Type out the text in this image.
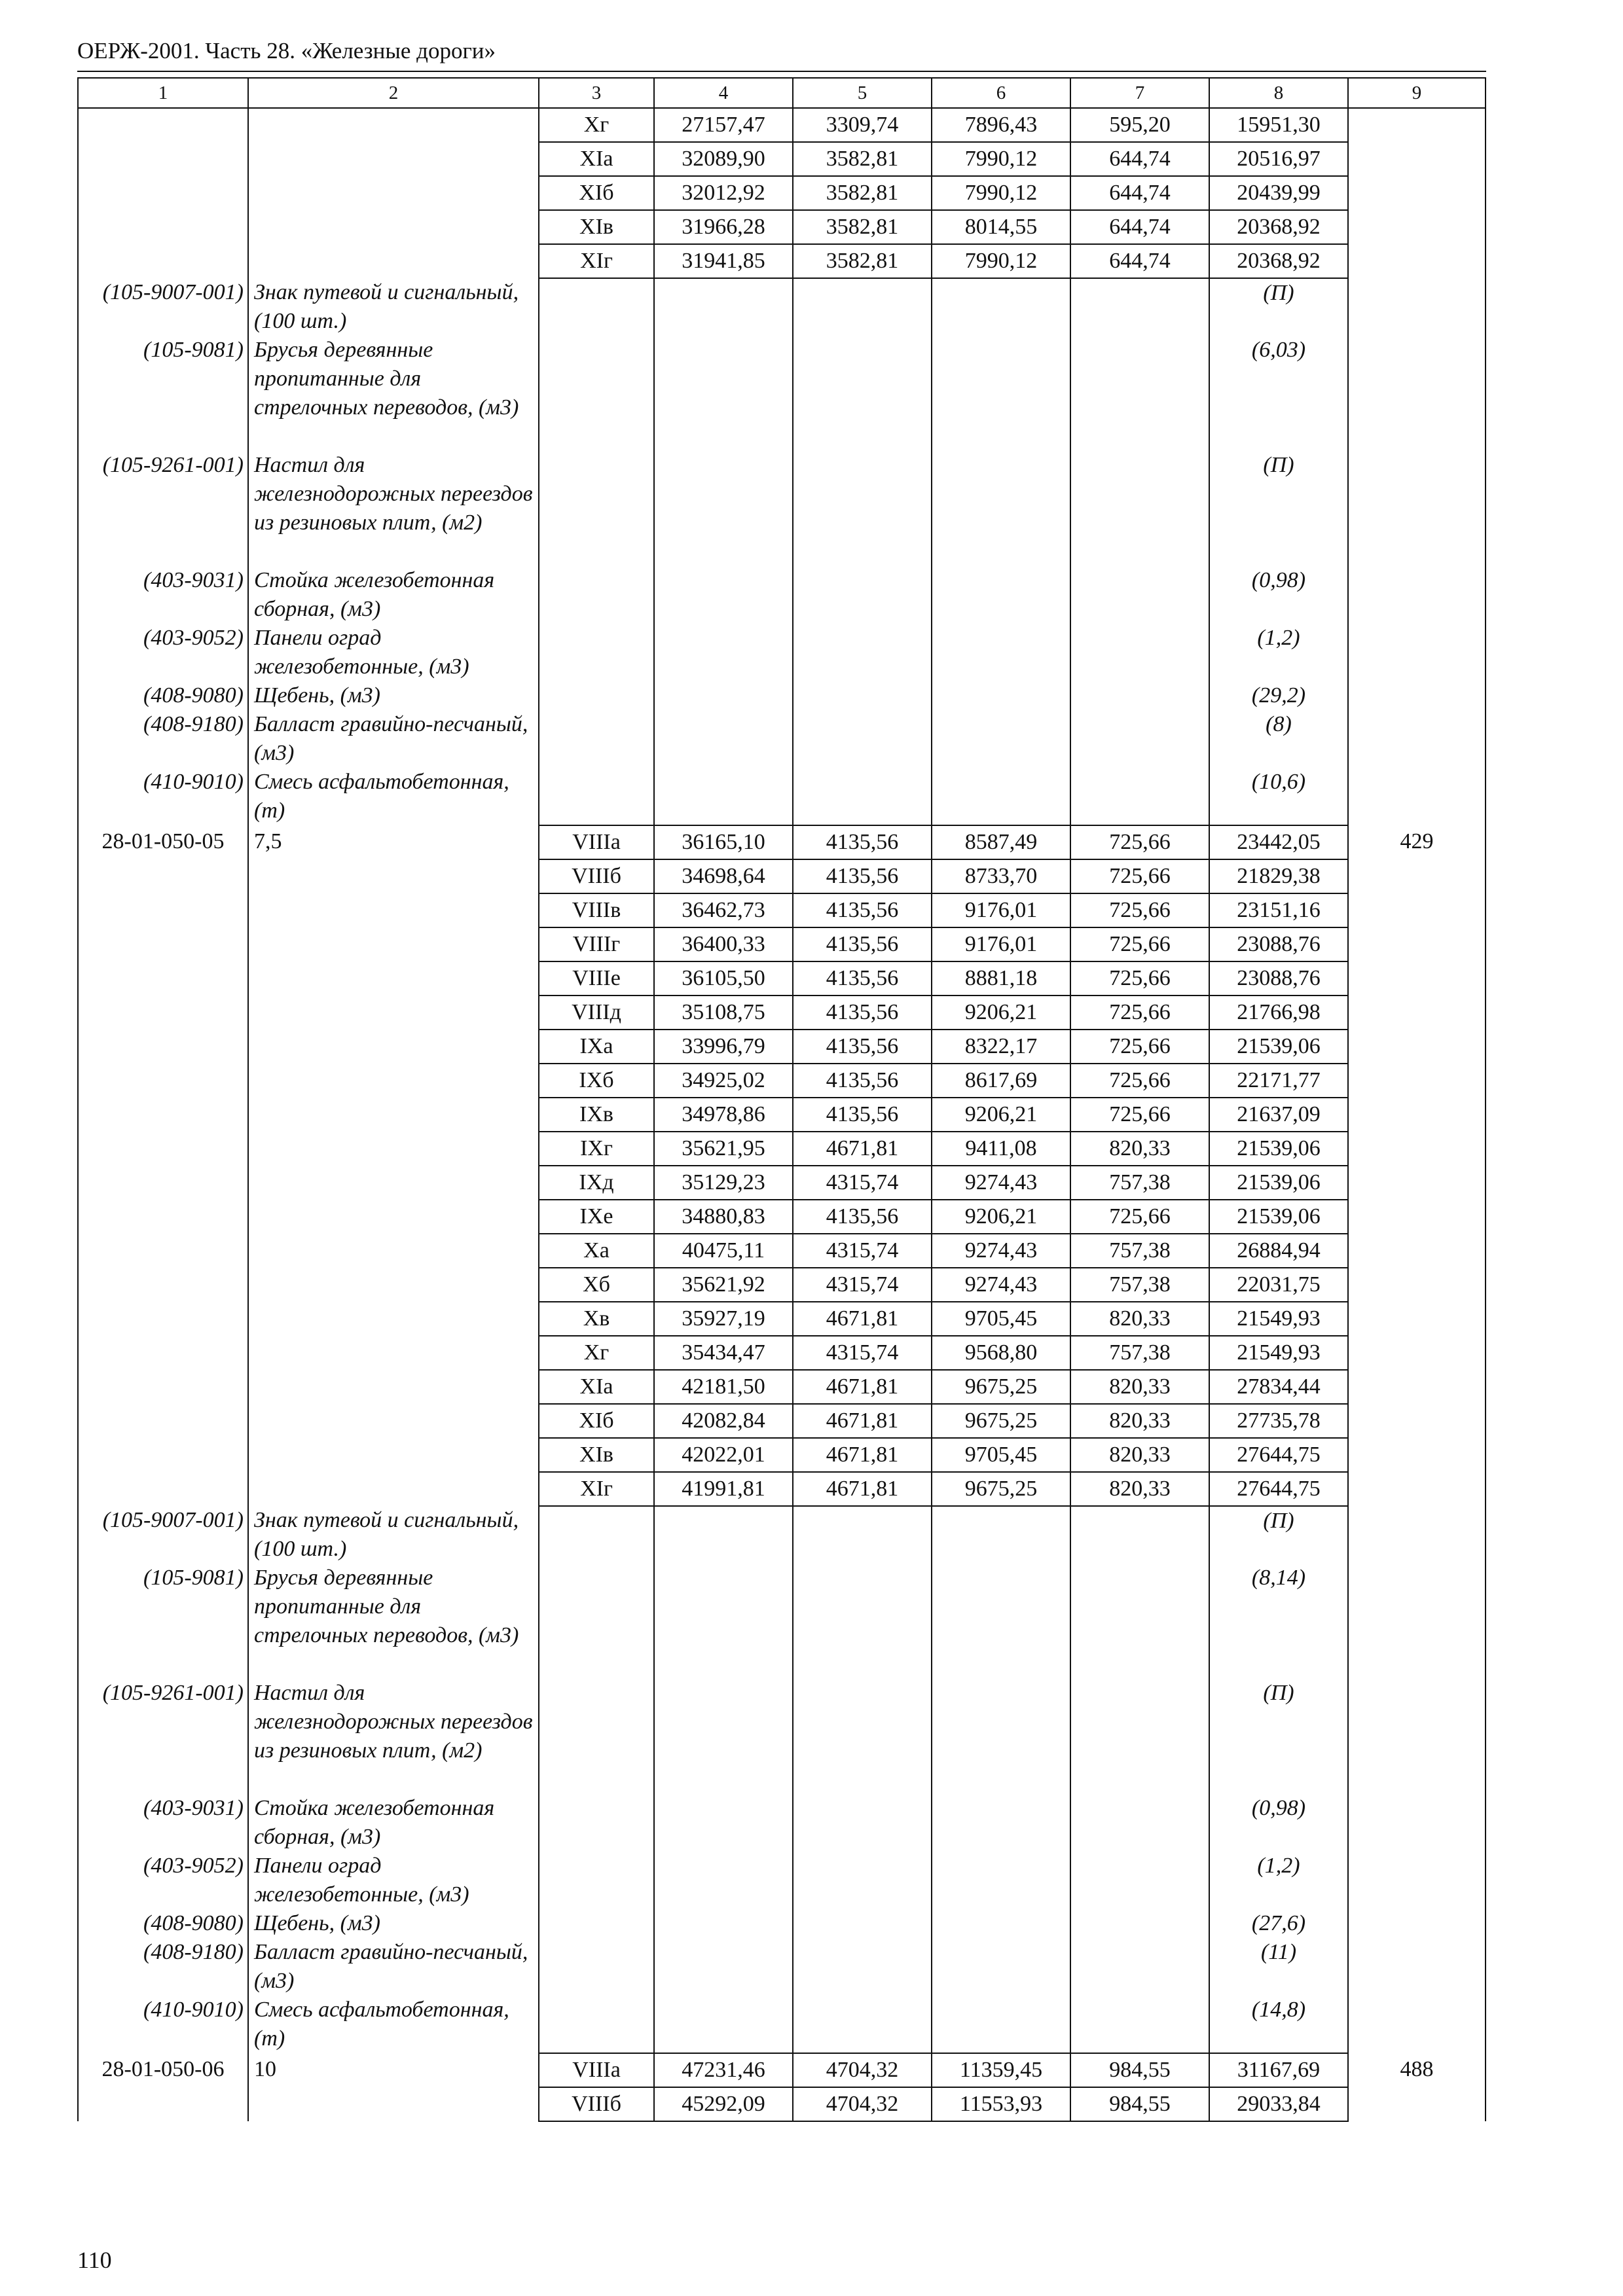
ОЕРЖ-2001. Часть 28. «Железные дороги»
1	2	3	4	5	6	7	8	9
		Хг	27157,47	3309,74	7896,43	595,20	15951,30	
		ХІа	32089,90	3582,81	7990,12	644,74	20516,97	
		ХІб	32012,92	3582,81	7990,12	644,74	20439,99	
		ХІв	31966,28	3582,81	8014,55	644,74	20368,92	
		ХІг	31941,85	3582,81	7990,12	644,74	20368,92	
(105-9007-001)	Знак путевой и сигнальный, (100 шт.)						(П)	
(105-9081)	Брусья деревянные пропитанные для стрелочных переводов, (м3)						(6,03)	
(105-9261-001)	Настил для железнодорожных переездов из резиновых плит, (м2)						(П)	
(403-9031)	Стойка железобетонная сборная, (м3)						(0,98)	
(403-9052)	Панели оград железобетонные, (м3)						(1,2)	
(408-9080)	Щебень, (м3)						(29,2)	
(408-9180)	Балласт гравийно-песчаный, (м3)						(8)	
(410-9010)	Смесь асфальтобетонная, (т)						(10,6)	
28-01-050-05	7,5	VIIIа	36165,10	4135,56	8587,49	725,66	23442,05	429
		VIIIб	34698,64	4135,56	8733,70	725,66	21829,38	
		VIIIв	36462,73	4135,56	9176,01	725,66	23151,16	
		VIIIг	36400,33	4135,56	9176,01	725,66	23088,76	
		VIIIе	36105,50	4135,56	8881,18	725,66	23088,76	
		VIIIд	35108,75	4135,56	9206,21	725,66	21766,98	
		IXа	33996,79	4135,56	8322,17	725,66	21539,06	
		IXб	34925,02	4135,56	8617,69	725,66	22171,77	
		IXв	34978,86	4135,56	9206,21	725,66	21637,09	
		IXг	35621,95	4671,81	9411,08	820,33	21539,06	
		IXд	35129,23	4315,74	9274,43	757,38	21539,06	
		IXе	34880,83	4135,56	9206,21	725,66	21539,06	
		Ха	40475,11	4315,74	9274,43	757,38	26884,94	
		Хб	35621,92	4315,74	9274,43	757,38	22031,75	
		Хв	35927,19	4671,81	9705,45	820,33	21549,93	
		Хг	35434,47	4315,74	9568,80	757,38	21549,93	
		ХІа	42181,50	4671,81	9675,25	820,33	27834,44	
		ХІб	42082,84	4671,81	9675,25	820,33	27735,78	
		ХІв	42022,01	4671,81	9705,45	820,33	27644,75	
		ХІг	41991,81	4671,81	9675,25	820,33	27644,75	
(105-9007-001)	Знак путевой и сигнальный, (100 шт.)						(П)	
(105-9081)	Брусья деревянные пропитанные для стрелочных переводов, (м3)						(8,14)	
(105-9261-001)	Настил для железнодорожных переездов из резиновых плит, (м2)						(П)	
(403-9031)	Стойка железобетонная сборная, (м3)						(0,98)	
(403-9052)	Панели оград железобетонные, (м3)						(1,2)	
(408-9080)	Щебень, (м3)						(27,6)	
(408-9180)	Балласт гравийно-песчаный, (м3)						(11)	
(410-9010)	Смесь асфальтобетонная, (т)						(14,8)	
28-01-050-06	10	VIIIа	47231,46	4704,32	11359,45	984,55	31167,69	488
		VIIIб	45292,09	4704,32	11553,93	984,55	29033,84	
110
